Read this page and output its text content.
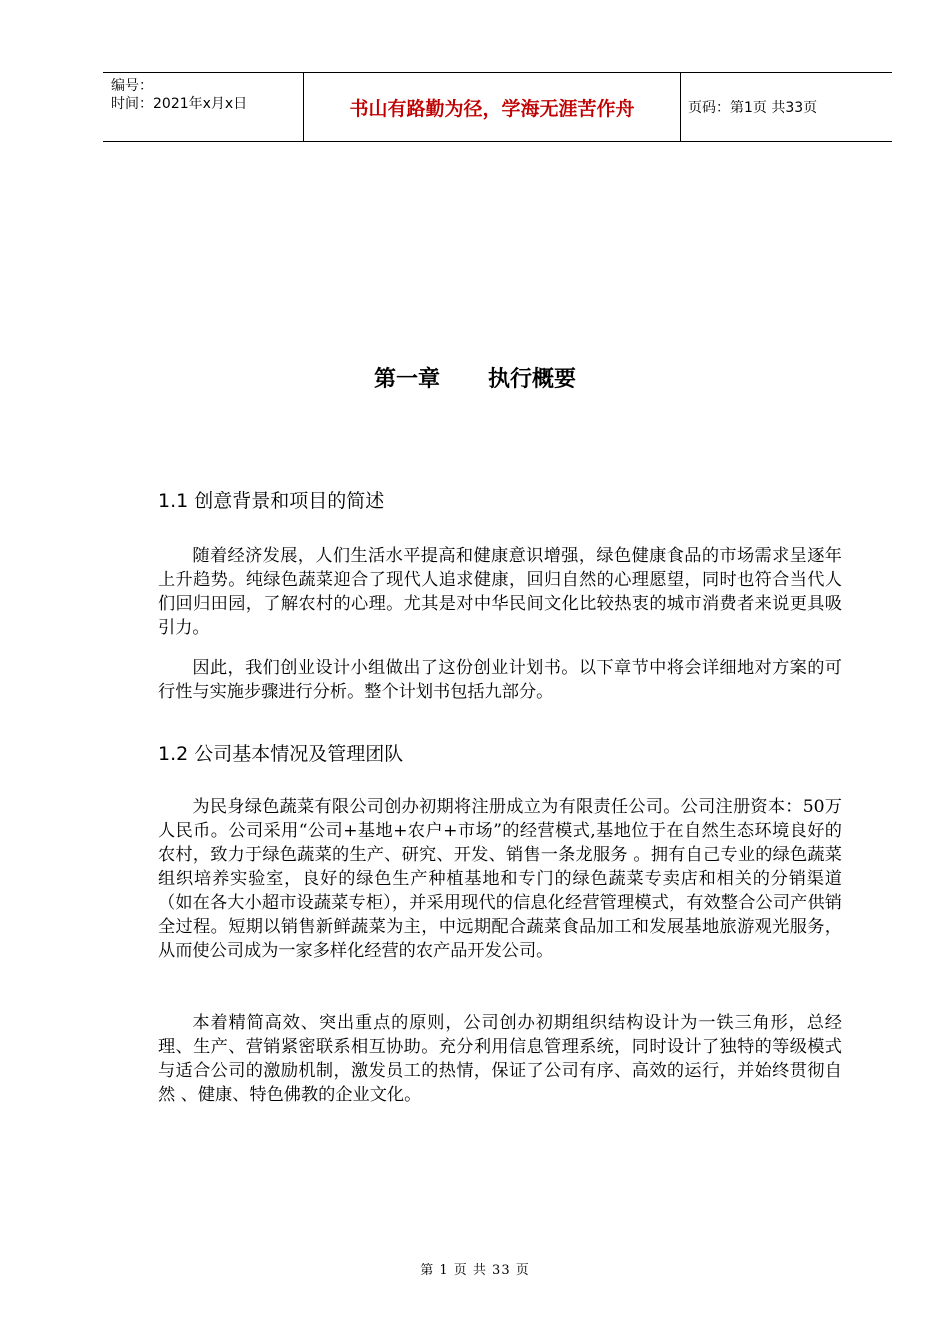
编号：
时间：2021年x月x日	书山有路勤为径，学海无涯苦作舟	页码：第1页 共33页
第一章 执行概要
1.1 创意背景和项目的简述

随着经济发展，人们生活水平提高和健康意识增强，绿色健康食品的市场需求呈逐年上升趋势。纯绿色蔬菜迎合了现代人追求健康，回归自然的心理愿望，同时也符合当代人们回归田园，了解农村的心理。尤其是对中华民间文化比较热衷的城市消费者来说更具吸引力。

因此，我们创业设计小组做出了这份创业计划书。以下章节中将会详细地对方案的可行性与实施步骤进行分析。整个计划书包括九部分。

1.2 公司基本情况及管理团队

为民身绿色蔬菜有限公司创办初期将注册成立为有限责任公司。公司注册资本：50万人民币。公司采用“公司+基地+农户+市场”的经营模式,基地位于在自然生态环境良好的农村，致力于绿色蔬菜的生产、研究、开发、销售一条龙服务 。拥有自己专业的绿色蔬菜组织培养实验室，良好的绿色生产种植基地和专门的绿色蔬菜专卖店和相关的分销渠道（如在各大小超市设蔬菜专柜），并采用现代的信息化经营管理模式，有效整合公司产供销全过程。短期以销售新鲜蔬菜为主，中远期配合蔬菜食品加工和发展基地旅游观光服务，从而使公司成为一家多样化经营的农产品开发公司。

本着精简高效、突出重点的原则，公司创办初期组织结构设计为一铁三角形，总经理、生产、营销紧密联系相互协助。充分利用信息管理系统，同时设计了独特的等级模式与适合公司的激励机制，激发员工的热情，保证了公司有序、高效的运行，并始终贯彻自然 、健康、特色佛教的企业文化。

第 1 页 共 33 页
